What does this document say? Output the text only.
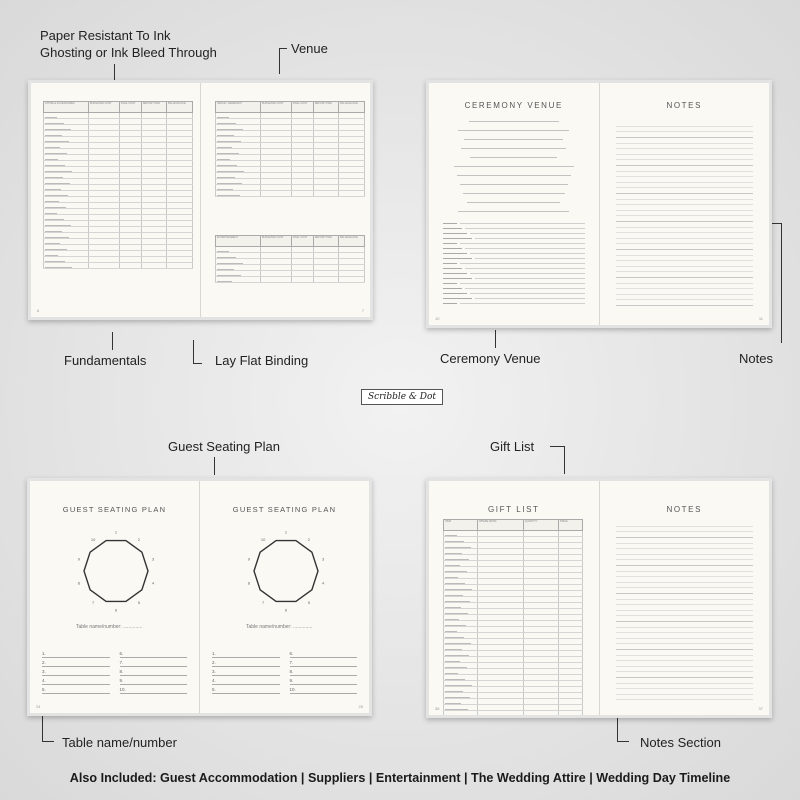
Paper Resistant To Ink
Ghosting or Ink Bleed Through	Venue
Fundamentals	Lay Flat Binding	Ceremony Venue	Notes
Guest Seating Plan	Gift List
Table name/number	Notes Section
ATTIRE & ACCESSORIES	BUDGETED COST	FINAL COST	DEPOSIT PAID	BALANCE DUE

6
VENUE / CEREMONY	BUDGETED COST	FINAL COST	DEPOSIT PAID	BALANCE DUE

ENTERTAINMENT	BUDGETED COST	FINAL COST	DEPOSIT PAID	BALANCE DUE

7
CEREMONY VENUE
10
NOTES
11
Scribble & Dot
GUEST SEATING PLAN
1
2
3
4
5
6
7
8
9
10
Table name/number: ..............
1.	6.
2.	7.
3.	8.
4.	9.
5.	10.
24
GUEST SEATING PLAN
1
2
3
4
5
6
7
8
9
10
Table name/number: ..............
1.	6.
2.	7.
3.	8.
4.	9.
5.	10.
25
GIFT LIST
ITEM	WHERE FROM	QUANTITY	PRICE

36
NOTES
37
Also Included: Guest Accommodation | Suppliers | Entertainment | The Wedding Attire | Wedding Day Timeline
